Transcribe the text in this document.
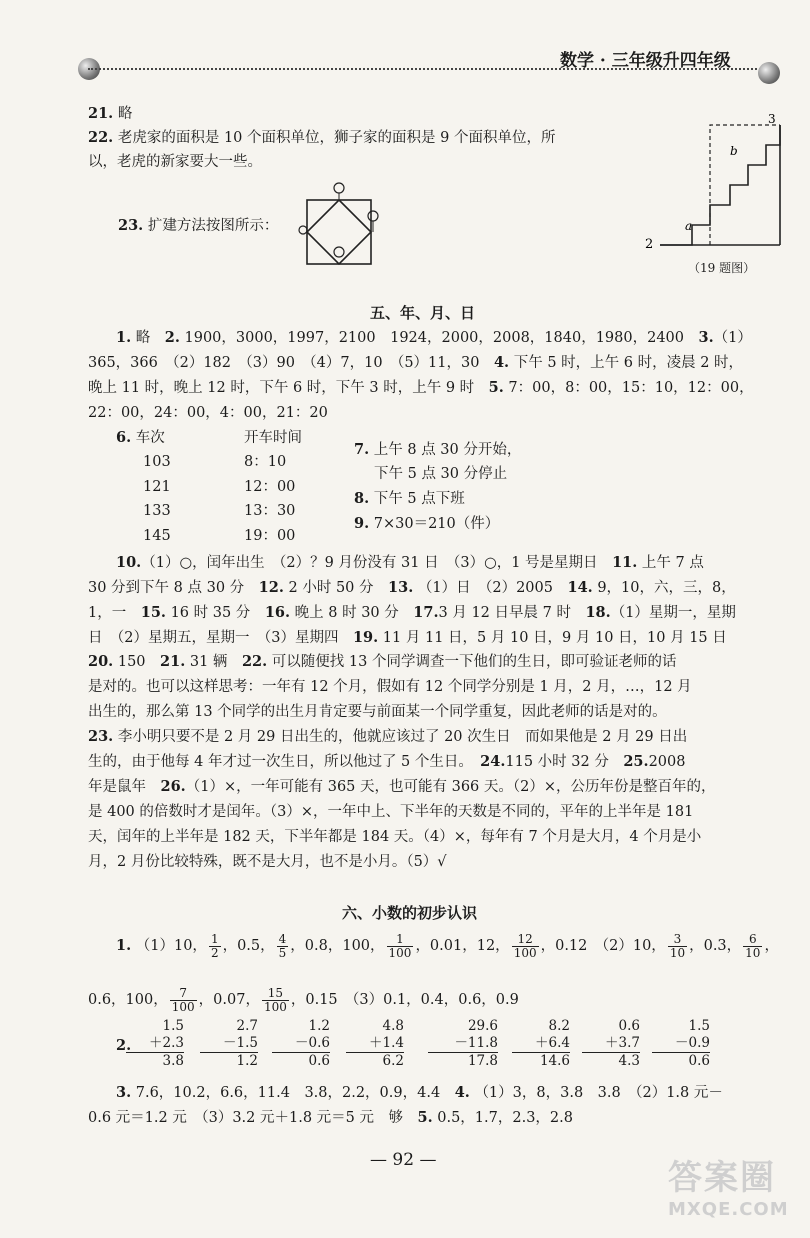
数学 · 三年级升四年级
b
a
3
2
（19 题图）
21. 略
22. 老虎家的面积是 10 个面积单位，狮子家的面积是 9 个面积单位，所
以，老虎的新家要大一些。
23. 扩建方法按图所示：
五、年、月、日
1. 略　 2. 1900，3000，1997，2100　1924，2000，2008，1840，1980，2400　 3.（1）
365，366　（2）182　（3）90　（4）7，10　（5）11，30　 4. 下午 5 时，上午 6 时，凌晨 2 时，
晚上 11 时，晚上 12 时，下午 6 时，下午 3 时，上午 9 时　 5. 7：00，8：00，15：10，12：00，
22：00，24：00，4：00，21：20
6. 车次	开车时间
103	8：10
121	12：00
133	13：30
145	19：00
7. 上午 8 点 30 分开始，
下午 5 点 30 分停止
8. 下午 5 点下班
9. 7×30＝210（件）
10.（1）○，闰年出生　（2）？9 月份没有 31 日　（3）○，1 号是星期日　 11. 上午 7 点
30 分到下午 8 点 30 分　 12. 2 小时 50 分　 13. （1）日　（2）2005　 14. 9，10，六，三，8，
1，一　 15. 16 时 35 分　 16. 晚上 8 时 30 分　 17.3 月 12 日早晨 7 时　 18.（1）星期一，星期
日　（2）星期五，星期一　（3）星期四　 19. 11 月 11 日，5 月 10 日，9 月 10 日，10 月 15 日
20. 150　 21. 31 辆　 22. 可以随便找 13 个同学调查一下他们的生日，即可验证老师的话
是对的。也可以这样思考：一年有 12 个月，假如有 12 个同学分别是 1 月，2 月，…，12 月
出生的，那么第 13 个同学的出生月肯定要与前面某一个同学重复，因此老师的话是对的。
23. 李小明只要不是 2 月 29 日出生的，他就应该过了 20 次生日　而如果他是 2 月 29 日出
生的，由于他每 4 年才过一次生日，所以他过了 5 个生日。　 24.115 小时 32 分　 25.2008
年是鼠年　 26.（1）×，一年可能有 365 天，也可能有 366 天。（2）×，公历年份是整百年的，
是 400 的倍数时才是闰年。（3）×，一年中上、下半年的天数是不同的，平年的上半年是 181
天，闰年的上半年是 182 天，下半年都是 184 天。（4）×，每年有 7 个月是大月，4 个月是小
月，2 月份比较特殊，既不是大月，也不是小月。（5）√
六、小数的初步认识
1. （1）10， $\frac{1}{2}$ ，0.5， $\frac{4}{5}$ ，0.8，100， $\frac{1}{100}$ ，0.01，12， $\frac{12}{100}$ ，0.12　（2）10， $\frac{3}{10}$ ，0.3， $\frac{6}{10}$ ，
0.6，100， $\frac{7}{100}$ ，0.07， $\frac{15}{100}$ ，0.15　（3）0.1，0.4，0.6，0.9
2.
1.5
＋2.3
3.8
2.7
－1.5
1.2
1.2
－0.6
0.6
4.8
＋1.4
6.2
29.6
－11.8
17.8
8.2
＋6.4
14.6
0.6
＋3.7
4.3
1.5
－0.9
0.6
3. 7.6，10.2，6.6，11.4　3.8，2.2，0.9，4.4　 4. （1）3，8，3.8　3.8　（2）1.8 元－
0.6 元＝1.2 元　（3）3.2 元＋1.8 元＝5 元　够　 5. 0.5，1.7，2.3，2.8
— 92 —	答案圈
MXQE.COM
